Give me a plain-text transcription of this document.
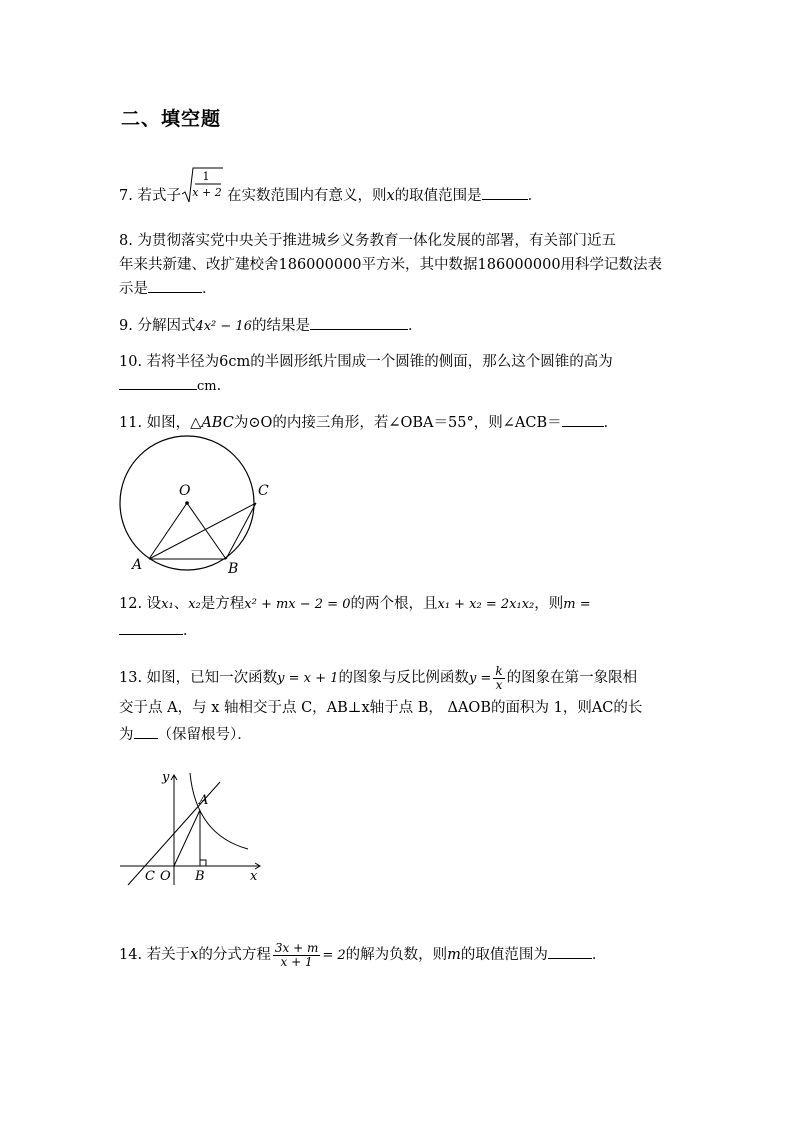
二、填空题
7. 若式子
1
x + 2 在实数范围内有意义，则x的取值范围是	．
8. 为贯彻落实党中央关于推进城乡义务教育一体化发展的部署，有关部门近五
年来共新建、改扩建校舍186000000平方米，其中数据186000000用科学记数法表
示是	．
9. 分解因式4x² − 16的结果是	．
10. 若将半径为6cm的半圆形纸片围成一个圆锥的侧面，那么这个圆锥的高为
cm．
11. 如图，△ABC为⊙O的内接三角形，若∠OBA＝55°，则∠ACB＝	．
O
A	B
C
12. 设x₁、x₂是方程x² + mx − 2 = 0的两个根，且x₁ + x₂ = 2x₁x₂，则m =
．
13. 如图，已知一次函数y = x + 1的图象与反比例函数$y = \frac{k}{x}$ 的图象在第一象限相
交于点 A，与 x 轴相交于点 C，AB⊥x轴于点 B， ΔAOB的面积为 1，则AC的长
为 （保留根号）．
y
x
A
B
C O
14. 若关于x的分式方程 $\frac{3x + m}{x + 1} = 2$的解为负数，则m的取值范围为	．
